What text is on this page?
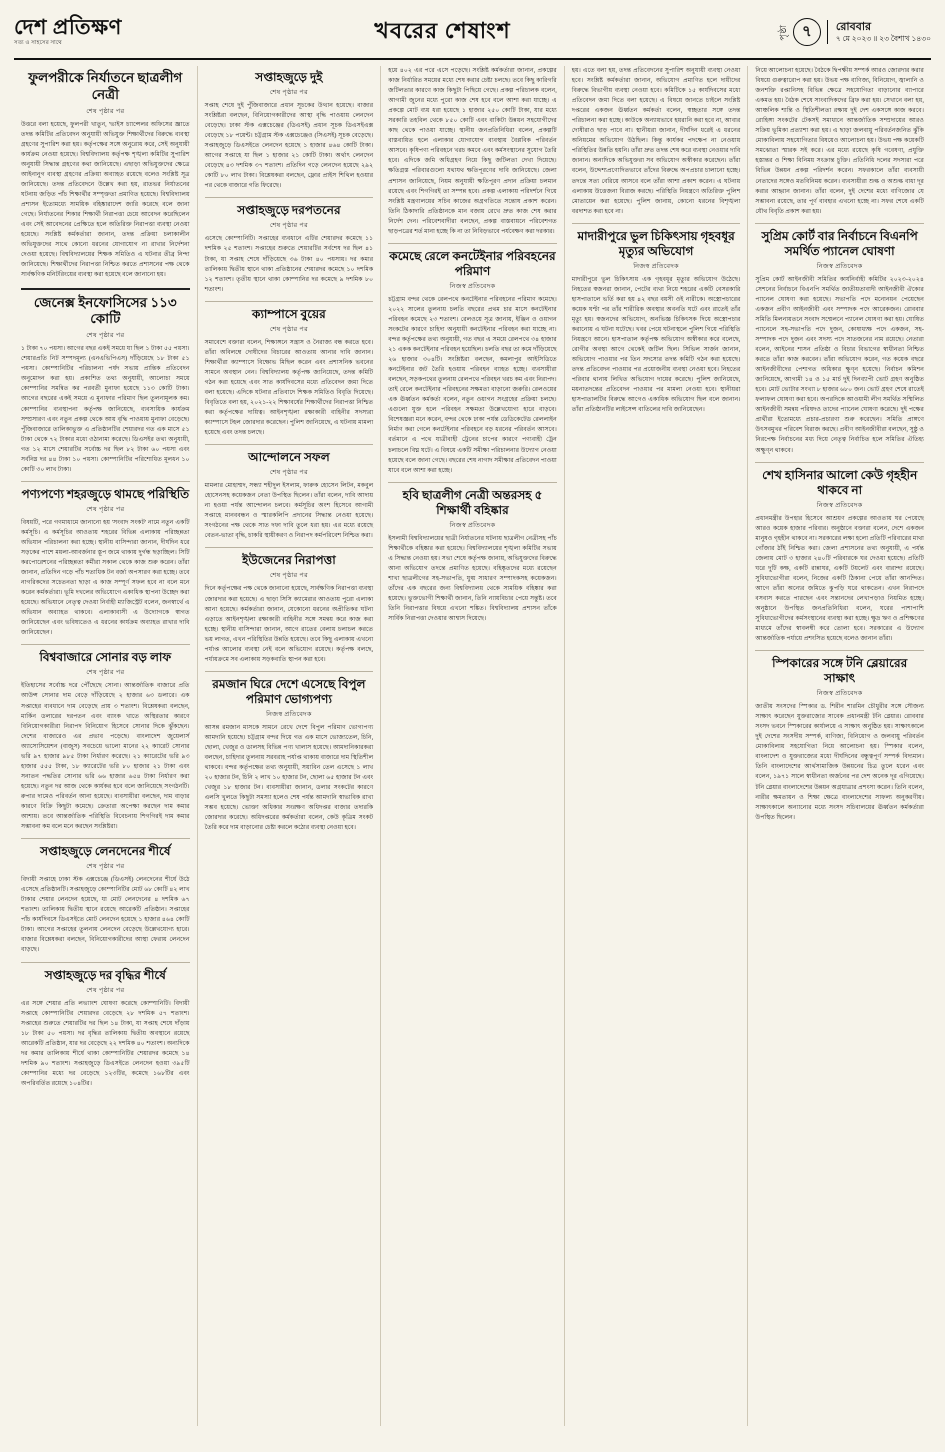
দেশ প্রতিক্ষণ
সত্য ও সাহসের সাথে
খবরের শেষাংশ	পৃষ্ঠা ৭	রোববার
৭ মে ২০২৩ ॥ ২৩ বৈশাখ ১৪৩০
ফুলপরীকে নির্যাতনে ছাত্রলীগ নেত্রী
শেষ পৃষ্ঠার পর
উত্তরে বলা হয়েছে, ফুলপরী খাতুন, 'ভাইস চ্যান্সেলর অফিসের জ্ঞাতে তদন্ত কমিটির প্রতিবেদন অনুযায়ী অভিযুক্ত শিক্ষার্থীদের বিরুদ্ধে ব্যবস্থা গ্রহণের সুপারিশ করা হয়। কর্তৃপক্ষের সঙ্গে অনুরোধ করে, সেই অনুযায়ী কার্যক্রম নেওয়া হয়েছে। বিশ্ববিদ্যালয় কর্তৃপক্ষ শৃঙ্খলা কমিটির সুপারিশ অনুযায়ী সিদ্ধান্ত গ্রহণের কথা জানিয়েছে। এছাড়া অভিযুক্তদের ক্ষেত্রে আইনানুগ ব্যবস্থা গ্রহণের প্রক্রিয়া অব্যাহত রয়েছে বলেও সংশ্লিষ্ট সূত্র জানিয়েছে। তদন্ত প্রতিবেদনে উল্লেখ করা হয়, রাতভর নির্যাতনের ঘটনায় জড়িত পাঁচ শিক্ষার্থীর সম্পৃক্ততা প্রমাণিত হয়েছে। বিশ্ববিদ্যালয় প্রশাসন ইতোমধ্যে সাময়িক বহিষ্কারাদেশ জারি করেছে বলে জানা গেছে। নির্যাতনের শিকার শিক্ষার্থী নিরাপত্তা চেয়ে আবেদন করেছিলেন এবং সেই আবেদনের প্রেক্ষিতে হলে অতিরিক্ত নিরাপত্তা ব্যবস্থা নেওয়া হয়েছে। সংশ্লিষ্ট কর্মকর্তারা জানান, তদন্ত প্রক্রিয়া চলাকালীন অভিযুক্তদের সাথে কোনো ধরনের যোগাযোগ না রাখার নির্দেশনা দেওয়া হয়েছে। বিশ্ববিদ্যালয়ের শিক্ষক সমিতিও এ ঘটনার তীব্র নিন্দা জানিয়েছে। শিক্ষার্থীদের নিরাপত্তা নিশ্চিত করতে প্রশাসনের পক্ষ থেকে সার্বক্ষণিক মনিটরিংয়ের ব্যবস্থা করা হয়েছে বলে জানানো হয়।
জেনেক্স ইনফোসিসের ১১৩ কোটি
শেষ পৃষ্ঠার পর
১ টাকা ৭০ পয়সা। আগের বছর একই সময়ে যা ছিল ১ টাকা ৫৫ পয়সা। শেয়ারপ্রতি নিট সম্পদমূল্য (এনএভিপিএস) দাঁড়িয়েছে ১৮ টাকা ৫১ পয়সা। কোম্পানিটির পরিচালনা পর্ষদ সভায় প্রান্তিক প্রতিবেদন অনুমোদন করা হয়। প্রকাশিত তথ্য অনুযায়ী, আলোচ্য সময়ে কোম্পানির সমন্বিত কর পরবর্তী মুনাফা হয়েছে ১১৩ কোটি টাকা। আগের বছরের একই সময়ে এ মুনাফার পরিমাণ ছিল তুলনামূলক কম। কোম্পানির ব্যবস্থাপনা কর্তৃপক্ষ জানিয়েছে, ব্যবসায়িক কার্যক্রম সম্প্রসারণ এবং নতুন প্রকল্প থেকে আয় বৃদ্ধি পাওয়ায় মুনাফা বেড়েছে। পুঁজিবাজারে তালিকাভুক্ত এ প্রতিষ্ঠানটির শেয়ারদর গত এক মাসে ৫১ টাকা থেকে ৭২ টাকার মধ্যে ওঠানামা করেছে। ডিএসইর তথ্য অনুযায়ী, গত ১২ মাসে শেয়ারটির সর্বোচ্চ দর ছিল ৮২ টাকা ৬০ পয়সা এবং সর্বনিম্ন দর ৪৪ টাকা ১০ পয়সা। কোম্পানিটির পরিশোধিত মূলধন ১০ কোটি ৩০ লাখ টাকা।
পণ্যপণ্যে শহরজুড়ে থামছে পরিস্থিতি
শেষ পৃষ্ঠার পর
বিষয়টি, পরে গণমাধ্যমে জানানো হয় 'সংবাদ সংকট' নামে নতুন একটি কর্মসূচি। এ কর্মসূচির আওতায় শহরের বিভিন্ন এলাকায় পরিচ্ছন্নতা অভিযান পরিচালনা করা হচ্ছে। স্থানীয় বাসিন্দারা জানান, দীর্ঘদিন ধরে সড়কের পাশে ময়লা-আবর্জনার স্তূপ জমে থাকায় দুর্গন্ধ ছড়াচ্ছিল। সিটি করপোরেশনের পরিচ্ছন্নতা কর্মীরা সকাল থেকে কাজ শুরু করেন। তাঁরা জানান, প্রতিদিন গড়ে পাঁচ শতাধিক টন বর্জ্য অপসারণ করা হচ্ছে। তবে নাগরিকদের সচেতনতা ছাড়া এ কাজ সম্পূর্ণ সফল হবে না বলে মনে করেন কর্মকর্তারা। ভূমি দখলের অভিযোগে একাধিক স্থাপনা উচ্ছেদ করা হয়েছে। অভিযানে নেতৃত্ব দেওয়া নির্বাহী ম্যাজিস্ট্রেট বলেন, জনস্বার্থে এ অভিযান অব্যাহত থাকবে। এলাকাবাসী এ উদ্যোগকে স্বাগত জানিয়েছেন এবং ভবিষ্যতেও এ ধরনের কার্যক্রম অব্যাহত রাখার দাবি জানিয়েছেন।
বিশ্ববাজারে সোনার বড় লাফ
শেষ পৃষ্ঠার পর
ইতিহাসের সর্বোচ্চ দরে পৌঁছেছে সোনা। আন্তর্জাতিক বাজারে প্রতি আউন্স সোনার দাম বেড়ে দাঁড়িয়েছে ২ হাজার ৬৩ ডলারে। এক সপ্তাহের ব্যবধানে দাম বেড়েছে প্রায় ৩ শতাংশ। বিশ্লেষকরা বলছেন, মার্কিন ডলারের দরপতন এবং ব্যাংক খাতে অস্থিরতার কারণে বিনিয়োগকারীরা নিরাপদ বিনিয়োগ হিসেবে সোনার দিকে ঝুঁকছেন। দেশের বাজারেও এর প্রভাব পড়েছে। বাংলাদেশ জুয়েলার্স অ্যাসোসিয়েশন (বাজুস) সবচেয়ে ভালো মানের ২২ ক্যারেট সোনার ভরি ৯৭ হাজার ৯৮৫ টাকা নির্ধারণ করেছে। ২১ ক্যারেটের ভরি ৯৩ হাজার ৫৫৫ টাকা, ১৮ ক্যারেটের ভরি ৮০ হাজার ২১ টাকা এবং সনাতন পদ্ধতির সোনার ভরি ৬৬ হাজার ৬৫৪ টাকা নির্ধারণ করা হয়েছে। নতুন দর আজ থেকে কার্যকর হবে বলে জানিয়েছে সংগঠনটি। রুপার দামেও পরিবর্তন আনা হয়েছে। ব্যবসায়ীরা বলছেন, দাম বাড়ার কারণে বিক্রি কিছুটা কমেছে। ক্রেতারা অপেক্ষা করছেন দাম কমার আশায়। তবে আন্তর্জাতিক পরিস্থিতি বিবেচনায় শিগগিরই দাম কমার সম্ভাবনা কম বলে মনে করছেন সংশ্লিষ্টরা।
সপ্তাহজুড়ে লেনদেনের শীর্ষে
শেষ পৃষ্ঠার পর
বিদায়ী সপ্তাহে ঢাকা স্টক এক্সচেঞ্জে (ডিএসই) লেনদেনের শীর্ষে উঠে এসেছে প্রতিষ্ঠানটি। সপ্তাহজুড়ে কোম্পানিটির মোট ৬৮ কোটি ৪২ লাখ টাকার শেয়ার লেনদেন হয়েছে, যা মোট লেনদেনের ৪ দশমিক ৬৭ শতাংশ। তালিকায় দ্বিতীয় স্থানে রয়েছে আরেকটি প্রতিষ্ঠান। সপ্তাহের পাঁচ কার্যদিবসে ডিএসইতে মোট লেনদেন হয়েছে ১ হাজার ৪৬৪ কোটি টাকা। আগের সপ্তাহের তুলনায় লেনদেন বেড়েছে উল্লেখযোগ্য হারে। বাজার বিশ্লেষকরা বলছেন, বিনিয়োগকারীদের আস্থা ফেরায় লেনদেন বাড়ছে।
সপ্তাহজুড়ে দর বৃদ্ধির শীর্ষে
শেষ পৃষ্ঠার পর
এর সঙ্গে শেয়ার প্রতি লভ্যাংশ ঘোষণা করেছে কোম্পানিটি। বিদায়ী সপ্তাহে কোম্পানিটির শেয়ারদর বেড়েছে ২৮ দশমিক ৫৭ শতাংশ। সপ্তাহের শুরুতে শেয়ারটির দর ছিল ১৪ টাকা, যা সপ্তাহ শেষে দাঁড়ায় ১৮ টাকা ৫০ পয়সা। দর বৃদ্ধির তালিকায় দ্বিতীয় অবস্থানে রয়েছে আরেকটি প্রতিষ্ঠান, যার দর বেড়েছে ২২ দশমিক ৪০ শতাংশ। অন্যদিকে দর কমার তালিকায় শীর্ষে থাকা কোম্পানিটির শেয়ারদর কমেছে ১৪ দশমিক ৯০ শতাংশ। সপ্তাহজুড়ে ডিএসইতে লেনদেন হওয়া ৩৯৫টি কোম্পানির মধ্যে দর বেড়েছে ১২৩টির, কমেছে ১৬৮টির এবং অপরিবর্তিত রয়েছে ১০৪টির।
সপ্তাহজুড়ে দুই
শেষ পৃষ্ঠার পর
সপ্তাহ শেষে দুই পুঁজিবাজারে প্রধান সূচকের উত্থান হয়েছে। বাজার সংশ্লিষ্টরা বলছেন, বিনিয়োগকারীদের আস্থা বৃদ্ধি পাওয়ায় লেনদেন বেড়েছে। ঢাকা স্টক এক্সচেঞ্জের (ডিএসই) প্রধান সূচক ডিএসইএক্স বেড়েছে ১৮ পয়েন্ট। চট্টগ্রাম স্টক এক্সচেঞ্জেও (সিএসই) সূচক বেড়েছে। সপ্তাহজুড়ে ডিএসইতে লেনদেন হয়েছে ১ হাজার ৪৬৪ কোটি টাকা। আগের সপ্তাহে যা ছিল ১ হাজার ২১ কোটি টাকা। অর্থাৎ লেনদেন বেড়েছে ৪৩ দশমিক ৩৭ শতাংশ। প্রতিদিন গড়ে লেনদেন হয়েছে ২৯২ কোটি ৮০ লাখ টাকা। বিশ্লেষকরা বলছেন, ফ্লোর প্রাইস শিথিল হওয়ার পর থেকে বাজারে গতি ফিরেছে।
সপ্তাহজুড়ে দরপতনের
শেষ পৃষ্ঠার পর
এসেছে কোম্পানিটি। সপ্তাহের ব্যবধানে এটির শেয়ারদর কমেছে ১১ দশমিক ২৫ শতাংশ। সপ্তাহের শুরুতে শেয়ারটির সর্বশেষ দর ছিল ৪১ টাকা, যা সপ্তাহ শেষে দাঁড়িয়েছে ৩৬ টাকা ৪০ পয়সায়। দর কমার তালিকায় দ্বিতীয় স্থানে থাকা প্রতিষ্ঠানের শেয়ারদর কমেছে ১০ দশমিক ১২ শতাংশ। তৃতীয় স্থানে থাকা কোম্পানির দর কমেছে ৯ দশমিক ৮০ শতাংশ।
ক্যাম্পাসে বুয়ের
শেষ পৃষ্ঠার পর
সমাবেশে বক্তারা বলেন, শিক্ষাঙ্গনে সন্ত্রাস ও নৈরাজ্য বন্ধ করতে হবে। তাঁরা অবিলম্বে দোষীদের বিচারের আওতায় আনার দাবি জানান। শিক্ষার্থীরা ক্যাম্পাসে বিক্ষোভ মিছিল করেন এবং প্রশাসনিক ভবনের সামনে অবস্থান নেন। বিশ্ববিদ্যালয় কর্তৃপক্ষ জানিয়েছে, তদন্ত কমিটি গঠন করা হয়েছে এবং সাত কার্যদিবসের মধ্যে প্রতিবেদন জমা দিতে বলা হয়েছে। এদিকে ঘটনার প্রতিবাদে শিক্ষক সমিতিও বিবৃতি দিয়েছে। বিবৃতিতে বলা হয়, ২০২১-২২ শিক্ষাবর্ষের শিক্ষার্থীদের নিরাপত্তা নিশ্চিত করা কর্তৃপক্ষের দায়িত্ব। আইনশৃঙ্খলা রক্ষাকারী বাহিনীর সদস্যরা ক্যাম্পাসে টহল জোরদার করেছেন। পুলিশ জানিয়েছে, এ ঘটনায় মামলা হয়েছে এবং তদন্ত চলছে।
আন্দোলনে সফল
শেষ পৃষ্ঠার পর
মামলার মোহাম্মদ, সন্ধ্যা শহীদুল ইসলাম, ফারুক হোসেন লিটন, মকবুল হোসেনসহ কয়েকজন নেতা উপস্থিত ছিলেন। তাঁরা বলেন, দাবি আদায় না হওয়া পর্যন্ত আন্দোলন চলবে। কর্মসূচির অংশ হিসেবে আগামী সপ্তাহে মানববন্ধন ও স্মারকলিপি প্রদানের সিদ্ধান্ত নেওয়া হয়েছে। সংগঠনের পক্ষ থেকে সাত দফা দাবি তুলে ধরা হয়। এর মধ্যে রয়েছে বেতন-ভাতা বৃদ্ধি, চাকরি স্থায়ীকরণ ও নিরাপদ কর্মপরিবেশ নিশ্চিত করা।
ইউজেনের নিরাপত্তা
শেষ পৃষ্ঠার পর
দিনে কর্তৃপক্ষের পক্ষ থেকে জানানো হয়েছে, সার্বক্ষণিক নিরাপত্তা ব্যবস্থা জোরদার করা হয়েছে। এ ছাড়া সিসি ক্যামেরার আওতায় পুরো এলাকা আনা হয়েছে। কর্মকর্তারা জানান, যেকোনো ধরনের অপ্রীতিকর ঘটনা এড়াতে আইনশৃঙ্খলা রক্ষাকারী বাহিনীর সঙ্গে সমন্বয় করে কাজ করা হচ্ছে। স্থানীয় বাসিন্দারা জানান, আগে রাতের বেলায় চলাচল করতে ভয় লাগত, এখন পরিস্থিতির উন্নতি হয়েছে। তবে কিছু এলাকায় এখনো পর্যাপ্ত আলোর ব্যবস্থা নেই বলে অভিযোগ রয়েছে। কর্তৃপক্ষ বলছে, পর্যায়ক্রমে সব এলাকায় সড়কবাতি স্থাপন করা হবে।
রমজান ঘিরে দেশে এসেছে বিপুল পরিমাণ ভোগ্যপণ্য
নিজস্ব প্রতিবেদক
আসন্ন রমজান মাসকে সামনে রেখে দেশে বিপুল পরিমাণ ভোগ্যপণ্য আমদানি হয়েছে। চট্টগ্রাম বন্দর দিয়ে গত এক মাসে ভোজ্যতেল, চিনি, ছোলা, খেজুর ও ডালসহ বিভিন্ন পণ্য খালাস হয়েছে। আমদানিকারকরা বলছেন, চাহিদার তুলনায় সরবরাহ পর্যাপ্ত থাকায় বাজারে দাম স্থিতিশীল থাকবে। বন্দর কর্তৃপক্ষের তথ্য অনুযায়ী, সয়াবিন তেল এসেছে ১ লাখ ২০ হাজার টন, চিনি ২ লাখ ১০ হাজার টন, ছোলা ৬৫ হাজার টন এবং খেজুর ১৮ হাজার টন। ব্যবসায়ীরা জানান, ডলার সংকটের কারণে এলসি খুলতে কিছুটা সমস্যা হলেও শেষ পর্যন্ত আমদানি স্বাভাবিক রাখা সম্ভব হয়েছে। ভোক্তা অধিকার সংরক্ষণ অধিদপ্তর বাজার তদারকি জোরদার করেছে। অধিদপ্তরের কর্মকর্তারা বলেন, কেউ কৃত্রিম সংকট তৈরি করে দাম বাড়ানোর চেষ্টা করলে কঠোর ব্যবস্থা নেওয়া হবে।
হয়ে ৪০২ এর পরে এসে পড়েছে। সংশ্লিষ্ট কর্মকর্তারা জানান, প্রকল্পের কাজ নির্ধারিত সময়ের মধ্যে শেষ করার চেষ্টা চলছে। তবে কিছু কারিগরি জটিলতার কারণে কাজ কিছুটা পিছিয়ে গেছে। প্রকল্প পরিচালক বলেন, আগামী জুনের মধ্যে পুরো কাজ শেষ হবে বলে আশা করা যাচ্ছে। এ প্রকল্পে মোট ব্যয় ধরা হয়েছে ১ হাজার ২৫০ কোটি টাকা, যার মধ্যে সরকারি তহবিল থেকে ৮৫০ কোটি এবং বাকিটা উন্নয়ন সহযোগীদের কাছ থেকে পাওয়া যাচ্ছে। স্থানীয় জনপ্রতিনিধিরা বলেন, প্রকল্পটি বাস্তবায়িত হলে এলাকার যোগাযোগ ব্যবস্থায় বৈপ্লবিক পরিবর্তন আসবে। কৃষিপণ্য পরিবহনে খরচ কমবে এবং কর্মসংস্থানের সুযোগ তৈরি হবে। এদিকে জমি অধিগ্রহণ নিয়ে কিছু জটিলতা দেখা দিয়েছে। ক্ষতিগ্রস্ত পরিবারগুলো যথাযথ ক্ষতিপূরণের দাবি জানিয়েছে। জেলা প্রশাসন জানিয়েছে, নিয়ম অনুযায়ী ক্ষতিপূরণ প্রদান প্রক্রিয়া চলমান রয়েছে এবং শিগগিরই তা সম্পন্ন হবে। প্রকল্প এলাকায় পরিদর্শনে গিয়ে সংশ্লিষ্ট মন্ত্রণালয়ের সচিব কাজের অগ্রগতিতে সন্তোষ প্রকাশ করেন। তিনি ঠিকাদারি প্রতিষ্ঠানকে মান বজায় রেখে দ্রুত কাজ শেষ করার নির্দেশ দেন। পরিবেশবাদীরা বলছেন, প্রকল্প বাস্তবায়নে পরিবেশগত ছাড়পত্রের শর্ত মানা হচ্ছে কি না তা নিবিড়ভাবে পর্যবেক্ষণ করা দরকার।
কমেছে রেলে কনটেইনার পরিবহনের পরিমাণ
নিজস্ব প্রতিবেদক
চট্টগ্রাম বন্দর থেকে রেলপথে কনটেইনার পরিবহনের পরিমাণ কমেছে। ২০২২ সালের তুলনায় চলতি বছরের প্রথম চার মাসে কনটেইনার পরিবহন কমেছে ২৩ শতাংশ। রেলওয়ে সূত্র জানায়, ইঞ্জিন ও ওয়াগন সংকটের কারণে চাহিদা অনুযায়ী কনটেইনার পরিবহন করা যাচ্ছে না। বন্দর কর্তৃপক্ষের তথ্য অনুযায়ী, গত বছর এ সময়ে রেলপথে ৩৪ হাজার ২১ একক কনটেইনার পরিবহন হয়েছিল। চলতি বছর তা কমে দাঁড়িয়েছে ২৬ হাজার ৩০৪টি। সংশ্লিষ্টরা বলছেন, কমলাপুর আইসিডিতে কনটেইনার জট তৈরি হওয়ায় পরিবহন ব্যাহত হচ্ছে। ব্যবসায়ীরা বলছেন, সড়কপথের তুলনায় রেলপথে পরিবহন খরচ কম এবং নিরাপদ। তাই রেলে কনটেইনার পরিবহনের সক্ষমতা বাড়ানো জরুরি। রেলওয়ের এক ঊর্ধ্বতন কর্মকর্তা বলেন, নতুন ওয়াগন সংগ্রহের প্রক্রিয়া চলছে। এগুলো যুক্ত হলে পরিবহন সক্ষমতা উল্লেখযোগ্য হারে বাড়বে। বিশেষজ্ঞরা মনে করেন, বন্দর থেকে ঢাকা পর্যন্ত ডেডিকেটেড রেললাইন নির্মাণ করা গেলে কনটেইনার পরিবহনে বড় ধরনের পরিবর্তন আসবে। বর্তমানে এ পথে যাত্রীবাহী ট্রেনের চাপের কারণে পণ্যবাহী ট্রেন চলাচলে বিঘ্ন ঘটে। এ বিষয়ে একটি সমীক্ষা পরিচালনার উদ্যোগ নেওয়া হয়েছে বলে জানা গেছে। বছরের শেষ নাগাদ সমীক্ষার প্রতিবেদন পাওয়া যাবে বলে আশা করা হচ্ছে।
হবি ছাত্রলীগ নেত্রী অন্তরসহ ৫ শিক্ষার্থী বহিষ্কার
নিজস্ব প্রতিবেদক
ইসলামী বিশ্ববিদ্যালয়ের ছাত্রী নির্যাতনের ঘটনায় ছাত্রলীগ নেত্রীসহ পাঁচ শিক্ষার্থীকে বহিষ্কার করা হয়েছে। বিশ্ববিদ্যালয়ের শৃঙ্খলা কমিটির সভায় এ সিদ্ধান্ত নেওয়া হয়। সভা শেষে কর্তৃপক্ষ জানায়, অভিযুক্তদের বিরুদ্ধে আনা অভিযোগ তদন্তে প্রমাণিত হয়েছে। বহিষ্কৃতদের মধ্যে রয়েছেন শাখা ছাত্রলীগের সহ-সভাপতি, যুগ্ম সাধারণ সম্পাদকসহ কয়েকজন। তাঁদের এক বছরের জন্য বিশ্ববিদ্যালয় থেকে সাময়িক বহিষ্কার করা হয়েছে। ভুক্তভোগী শিক্ষার্থী জানান, তিনি ন্যায়বিচার পেয়ে সন্তুষ্ট। তবে তিনি নিরাপত্তার বিষয়ে এখনো শঙ্কিত। বিশ্ববিদ্যালয় প্রশাসন তাঁকে সার্বিক নিরাপত্তা দেওয়ার আশ্বাস দিয়েছে।
হয়। এতে বলা হয়, তদন্ত প্রতিবেদনের সুপারিশ অনুযায়ী ব্যবস্থা নেওয়া হবে। সংশ্লিষ্ট কর্মকর্তারা জানান, অভিযোগ প্রমাণিত হলে দায়ীদের বিরুদ্ধে বিভাগীয় ব্যবস্থা নেওয়া হবে। কমিটিকে ১৫ কার্যদিবসের মধ্যে প্রতিবেদন জমা দিতে বলা হয়েছে। এ বিষয়ে জানতে চাইলে সংশ্লিষ্ট দপ্তরের একজন ঊর্ধ্বতন কর্মকর্তা বলেন, স্বচ্ছতার সঙ্গে তদন্ত পরিচালনা করা হচ্ছে। কাউকে অন্যায়ভাবে হয়রানি করা হবে না, আবার দোষীরাও ছাড় পাবে না। স্থানীয়রা জানান, দীর্ঘদিন ধরেই এ ধরনের অনিয়মের অভিযোগ উঠছিল। কিন্তু কার্যকর পদক্ষেপ না নেওয়ায় পরিস্থিতির উন্নতি হয়নি। তাঁরা দ্রুত তদন্ত শেষ করে ব্যবস্থা নেওয়ার দাবি জানান। অন্যদিকে অভিযুক্তরা সব অভিযোগ অস্বীকার করেছেন। তাঁরা বলেন, উদ্দেশ্যপ্রণোদিতভাবে তাঁদের বিরুদ্ধে অপপ্রচার চালানো হচ্ছে। তদন্তে সত্য বেরিয়ে আসবে বলে তাঁরা আশা প্রকাশ করেন। এ ঘটনায় এলাকায় উত্তেজনা বিরাজ করছে। পরিস্থিতি নিয়ন্ত্রণে অতিরিক্ত পুলিশ মোতায়েন করা হয়েছে। পুলিশ জানায়, কোনো ধরনের বিশৃঙ্খলা বরদাশত করা হবে না।
মাদারীপুরে ভুল চিকিৎসায় গৃহবধূর মৃত্যুর অভিযোগ
নিজস্ব প্রতিবেদক
মাদারীপুরে ভুল চিকিৎসায় এক গৃহবধূর মৃত্যুর অভিযোগ উঠেছে। নিহতের স্বজনরা জানান, পেটের ব্যথা নিয়ে শহরের একটি বেসরকারি হাসপাতালে ভর্তি করা হয় ৪২ বছর বয়সী ওই নারীকে। অস্ত্রোপচারের কয়েক ঘণ্টা পর তাঁর শারীরিক অবস্থার অবনতি ঘটে এবং রাতেই তাঁর মৃত্যু হয়। স্বজনদের অভিযোগ, অনভিজ্ঞ চিকিৎসক দিয়ে অস্ত্রোপচার করানোয় এ ঘটনা ঘটেছে। খবর পেয়ে ঘটনাস্থলে পুলিশ গিয়ে পরিস্থিতি নিয়ন্ত্রণে আনে। হাসপাতাল কর্তৃপক্ষ অভিযোগ অস্বীকার করে বলেছে, রোগীর অবস্থা আগে থেকেই জটিল ছিল। সিভিল সার্জন জানান, অভিযোগ পাওয়ার পর তিন সদস্যের তদন্ত কমিটি গঠন করা হয়েছে। তদন্ত প্রতিবেদন পাওয়ার পর প্রয়োজনীয় ব্যবস্থা নেওয়া হবে। নিহতের পরিবার থানায় লিখিত অভিযোগ দায়ের করেছে। পুলিশ জানিয়েছে, ময়নাতদন্তের প্রতিবেদন পাওয়ার পর মামলা নেওয়া হবে। স্থানীয়রা হাসপাতালটির বিরুদ্ধে আগেও একাধিক অভিযোগ ছিল বলে জানান। তাঁরা প্রতিষ্ঠানটির লাইসেন্স বাতিলের দাবি জানিয়েছেন।
নিয়ে আলোচনা হয়েছে। বৈঠকে দ্বিপক্ষীয় সম্পর্ক আরও জোরদার করার বিষয়ে গুরুত্বারোপ করা হয়। উভয় পক্ষ বাণিজ্য, বিনিয়োগ, জ্বালানি ও জনশক্তি রপ্তানিসহ বিভিন্ন ক্ষেত্রে সহযোগিতা বাড়ানোর ব্যাপারে একমত হয়। বৈঠক শেষে সাংবাদিকদের ব্রিফ করা হয়। সেখানে বলা হয়, আঞ্চলিক শান্তি ও স্থিতিশীলতা রক্ষায় দুই দেশ একসঙ্গে কাজ করবে। রোহিঙ্গা সংকটের টেকসই সমাধানে আন্তর্জাতিক সম্প্রদায়ের আরও সক্রিয় ভূমিকা প্রত্যাশা করা হয়। এ ছাড়া জলবায়ু পরিবর্তনজনিত ঝুঁকি মোকাবিলায় সহযোগিতার বিষয়েও আলোচনা হয়। উভয় পক্ষ কয়েকটি সমঝোতা স্মারক সই করে। এর মধ্যে রয়েছে কৃষি গবেষণা, প্রযুক্তি হস্তান্তর ও শিক্ষা বিনিময় সংক্রান্ত চুক্তি। প্রতিনিধি দলের সদস্যরা পরে বিভিন্ন উন্নয়ন প্রকল্প পরিদর্শন করেন। সফরকালে তাঁরা ব্যবসায়ী নেতাদের সঙ্গেও মতবিনিময় করেন। ব্যবসায়ীরা শুল্ক ও অশুল্ক বাধা দূর করার আহ্বান জানান। তাঁরা বলেন, দুই দেশের মধ্যে বাণিজ্যের যে সম্ভাবনা রয়েছে, তার পূর্ণ ব্যবহার এখনো হচ্ছে না। সফর শেষে একটি যৌথ বিবৃতি প্রকাশ করা হয়।
সুপ্রিম কোর্ট বার নির্বাচনে বিএনপি সমর্থিত প্যানেল ঘোষণা
নিজস্ব প্রতিবেদক
সুপ্রিম কোর্ট আইনজীবী সমিতির কার্যনির্বাহী কমিটির ২০২৩-২০২৪ সেশনের নির্বাচনে বিএনপি সমর্থিত জাতীয়তাবাদী আইনজীবী ঐক্যের প্যানেল ঘোষণা করা হয়েছে। সভাপতি পদে মনোনয়ন পেয়েছেন একজন প্রবীণ আইনজীবী এবং সম্পাদক পদে আরেকজন। রোববার সমিতি মিলনায়তনে সংবাদ সম্মেলনে প্যানেল ঘোষণা করা হয়। ঘোষিত প্যানেলে সহ-সভাপতি পদে দুজন, কোষাধ্যক্ষ পদে একজন, সহ-সম্পাদক পদে দুজন এবং সদস্য পদে সাতজনের নাম রয়েছে। নেতারা বলেন, আইনের শাসন প্রতিষ্ঠা ও বিচার বিভাগের স্বাধীনতা নিশ্চিত করতে তাঁরা কাজ করবেন। তাঁরা অভিযোগ করেন, গত কয়েক বছরে আইনজীবীদের পেশাগত অধিকার ক্ষুণ্ন হয়েছে। নির্বাচন কমিশন জানিয়েছে, আগামী ১৪ ও ১৫ মার্চ দুই দিনব্যাপী ভোট গ্রহণ অনুষ্ঠিত হবে। মোট ভোটার সংখ্যা ৮ হাজার ৬৮০ জন। ভোট গ্রহণ শেষে রাতেই ফলাফল ঘোষণা করা হবে। অপরদিকে আওয়ামী লীগ সমর্থিত সম্মিলিত আইনজীবী সমন্বয় পরিষদও তাদের প্যানেল ঘোষণা করেছে। দুই পক্ষের প্রার্থীরা ইতোমধ্যে প্রচার-প্রচারণা শুরু করেছেন। সমিতি প্রাঙ্গণে উৎসবমুখর পরিবেশ বিরাজ করছে। প্রবীণ আইনজীবীরা বলছেন, সুষ্ঠু ও নিরপেক্ষ নির্বাচনের মধ্য দিয়ে নেতৃত্ব নির্বাচিত হলে সমিতির ঐতিহ্য অক্ষুণ্ন থাকবে।
শেখ হাসিনার আলো কেউ গৃহহীন থাকবে না
নিজস্ব প্রতিবেদক
প্রধানমন্ত্রীর উপহার হিসেবে আশ্রয়ণ প্রকল্পের আওতায় ঘর পেয়েছে আরও কয়েক হাজার পরিবার। অনুষ্ঠানে বক্তারা বলেন, দেশে একজন মানুষও গৃহহীন থাকবে না। সরকারের লক্ষ্য হলো প্রতিটি পরিবারের মাথা গোঁজার ঠাঁই নিশ্চিত করা। জেলা প্রশাসনের তথ্য অনুযায়ী, এ পর্যন্ত জেলায় মোট ৩ হাজার ২৪০টি পরিবারকে ঘর দেওয়া হয়েছে। প্রতিটি ঘরে দুটি কক্ষ, একটি রান্নাঘর, একটি টয়লেট এবং বারান্দা রয়েছে। সুবিধাভোগীরা বলেন, নিজের একটি ঠিকানা পেয়ে তাঁরা আনন্দিত। আগে তাঁরা অন্যের জমিতে ঝুপড়ি ঘরে থাকতেন। এখন নিরাপদে বসবাস করতে পারছেন এবং সন্তানদের লেখাপড়াও নিয়মিত হচ্ছে। অনুষ্ঠানে উপস্থিত জনপ্রতিনিধিরা বলেন, ঘরের পাশাপাশি সুবিধাভোগীদের কর্মসংস্থানের ব্যবস্থা করা হচ্ছে। ক্ষুদ্র ঋণ ও প্রশিক্ষণের মাধ্যমে তাঁদের স্বাবলম্বী করে তোলা হবে। সরকারের এ উদ্যোগ আন্তর্জাতিক পর্যায়ে প্রশংসিত হয়েছে বলেও জানান তাঁরা।
স্পিকারের সঙ্গে টনি ব্লেয়ারের সাক্ষাৎ
নিজস্ব প্রতিবেদক
জাতীয় সংসদের স্পিকার ড. শিরীন শারমিন চৌধুরীর সঙ্গে সৌজন্য সাক্ষাৎ করেছেন যুক্তরাজ্যের সাবেক প্রধানমন্ত্রী টনি ব্লেয়ার। রোববার সংসদ ভবনে স্পিকারের কার্যালয়ে এ সাক্ষাৎ অনুষ্ঠিত হয়। সাক্ষাৎকালে দুই দেশের সংসদীয় সম্পর্ক, বাণিজ্য, বিনিয়োগ ও জলবায়ু পরিবর্তন মোকাবিলায় সহযোগিতা নিয়ে আলোচনা হয়। স্পিকার বলেন, বাংলাদেশ ও যুক্তরাজ্যের মধ্যে দীর্ঘদিনের বন্ধুত্বপূর্ণ সম্পর্ক বিদ্যমান। তিনি বাংলাদেশের আর্থসামাজিক উন্নয়নের চিত্র তুলে ধরেন এবং বলেন, ১৯৭১ সালে স্বাধীনতা অর্জনের পর দেশ অনেক দূর এগিয়েছে। টনি ব্লেয়ার বাংলাদেশের উন্নয়ন অগ্রযাত্রার প্রশংসা করেন। তিনি বলেন, নারীর ক্ষমতায়ন ও শিক্ষা ক্ষেত্রে বাংলাদেশের সাফল্য অনুকরণীয়। সাক্ষাৎকালে অন্যান্যের মধ্যে সংসদ সচিবালয়ের ঊর্ধ্বতন কর্মকর্তারা উপস্থিত ছিলেন।
